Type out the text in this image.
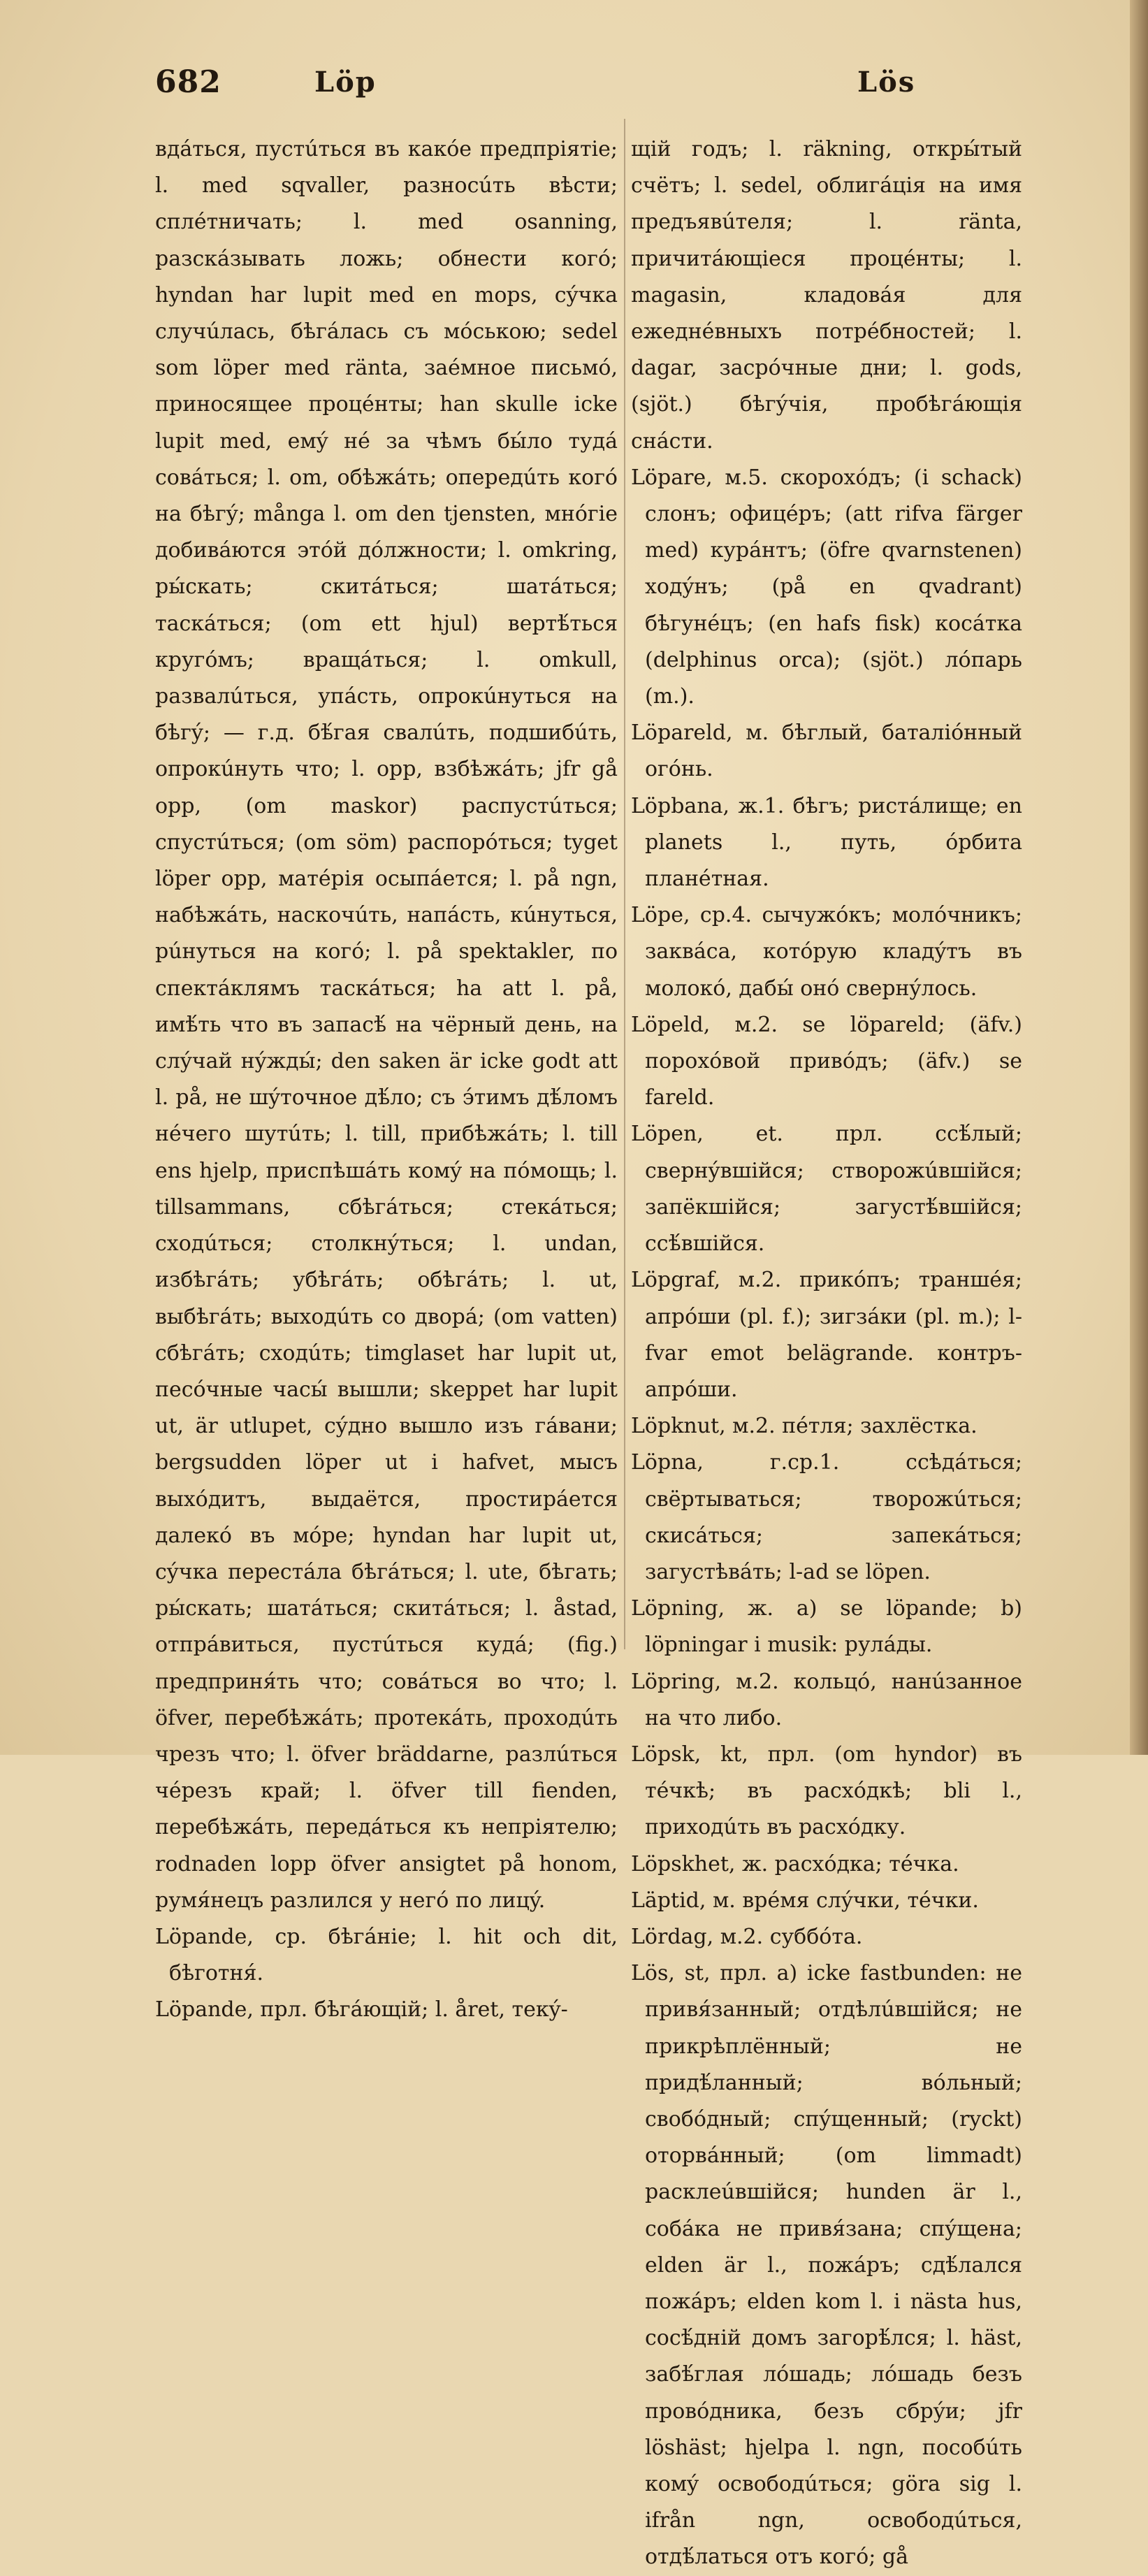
682	Löp	Lös

вдáться, пустúться въ какóе предпріятіе; l. med sqvaller, разносúть вѣсти; сплéтничать; l. med osanning, разскáзывать ложь; обнести когó; hyndan har lupit med en mops, сýчка случúлась, бѣгáлась съ мóською; sedel som löper med ränta, заéмное письмó, приносящее процéнты; han skulle icke lupit med, емý нé за чѣмъ бы́ло тудá совáться; l. om, обѣжáть; опередúть когó на бѣгý; många l. om den tjensten, мнóгіе добивáются этóй дóлжности; l. omkring, ры́скать; скитáться; шатáться; таскáться; (om ett hjul) вертѣ́ться кругóмъ; вращáться; l. omkull, развалúться, упáсть, опрокúнуться на бѣгý; — г.д. бѣ́гая свалúть, подшибúть, опрокúнуть что; l. opp, взбѣжáть; jfr gå opp, (om maskor) распустúться; спустúться; (om söm) распорóться; tyget löper opp, матéрія осыпáется; l. på ngn, набѣжáть, наскочúть, напáсть, кúнуться, рúнуться на когó; l. på spektakler, по спектáклямъ таскáться; ha att l. på, имѣ́ть что въ запасѣ́ на чёрный день, на слýчай нýжды́; den saken är icke godt att l. på, не шýточное дѣ́ло; съ э́тимъ дѣ́ломъ нéчего шутúть; l. till, прибѣжáть; l. till ens hjelp, приспѣшáть комý на пóмощь; l. tillsammans, сбѣгáться; стекáться; сходúться; столкнýться; l. undan, избѣгáть; убѣгáть; обѣгáть; l. ut, выбѣгáть; выходúть со дворá; (om vatten) сбѣгáть; сходúть; timglaset har lupit ut, песóчные часы́ вышли; skeppet har lupit ut, är utlupet, сýдно вышло изъ гáвани; bergsudden löper ut i hafvet, мысъ выхóдитъ, выдаётся, простирáется далекó въ мóре; hyndan har lupit ut, сýчка перестáла бѣгáться; l. ute, бѣгать; ры́скать; шатáться; скитáться; l. åstad, отпрáвиться, пустúться кудá; (fig.) предприня́ть что; совáться во что; l. öfver, перебѣжáть; протекáть, проходúть чрезъ что; l. öfver bräddarne, разлúться чéрезъ край; l. öfver till fienden, перебѣжáть, передáться къ непріятелю; rodnaden lopp öfver ansigtet på honom, румя́нецъ разлился у негó по лицý.

Löpande, ср. бѣгáніе; l. hit och dit, бѣготня́.

Löpande, прл. бѣгáющій; l. året, текý-

щій годъ; l. räkning, откры́тый счётъ; l. sedel, облигáція на имя предъявúтеля; l. ränta, причитáющіеся процéнты; l. magasin, кладовáя для ежеднéвныхъ потрéбностей; l. dagar, засрóчные дни; l. gods, (sjöt.) бѣгýчія, пробѣгáющія снáсти.

Löpare, м.5. скорохóдъ; (i schack) слонъ; офицéръ; (att rifva färger med) курáнтъ; (öfre qvarnstenen) ходýнъ; (på en qvadrant) бѣгунéцъ; (en hafs fisk) косáтка (delphinus orca); (sjöt.) лóпарь (m.).

Löpareld, м. бѣглый, баталіóнный огóнь.

Löpbana, ж.1. бѣгъ; ристáлище; en planets l., путь, óрбита планéтная.

Löpe, ср.4. сычужóкъ; молóчникъ; заквáса, котóрую кладýтъ въ молокó, дабы́ онó свернýлось.

Löpeld, м.2. se löpareld; (äfv.) порохóвой привóдъ; (äfv.) se fareld.

Löpen, et. прл. ссѣ́лый; свернýвшійся; створожúвшійся; запёкшійся; загустѣ́вшійся; ссѣ́вшійся.

Löpgraf, м.2. прикóпъ; траншéя; апрóши (pl. f.); зигзáки (pl. m.); l-fvar emot belägrande. контръ-апрóши.

Löpknut, м.2. пéтля; захлёстка.

Löpna, г.ср.1. ссѣдáться; свёртываться; творожúться; скисáться; запекáться; загустѣвáть; l-ad se löpen.

Löpning, ж. a) se löpande; b) löpningar i musik: рулáды.

Löpring, м.2. кольцó, нанúзанное на что либо.

Löpsk, kt, прл. (om hyndor) въ тéчкѣ; въ расхóдкѣ; bli l., приходúть въ расхóдку.

Löpskhet, ж. расхóдка; тéчка.

Läptid, м. врéмя слýчки, тéчки.

Lördag, м.2. суббóта.

Lös, st, прл. a) icke fastbunden: не привя́занный; отдѣлúвшійся; не прикрѣплённый; не придѣ́ланный; вóльный; свобóдный; спýщенный; (ryckt) оторвáнный; (om limmadt) расклеúвшійся; hunden är l., собáка не привя́зана; спýщена; elden är l., пожáръ; сдѣ́лался пожáръ; elden kom l. i nästa hus, сосѣ́дній домъ загорѣ́лся; l. häst, забѣ́глая лóшадь; лóшадь безъ провóдника, безъ сбрýи; jfr löshäst; hjelpa l. ngn, пособúть комý освободúться; göra sig l. ifrån ngn, освободúться, отдѣ́латься отъ когó; gå
